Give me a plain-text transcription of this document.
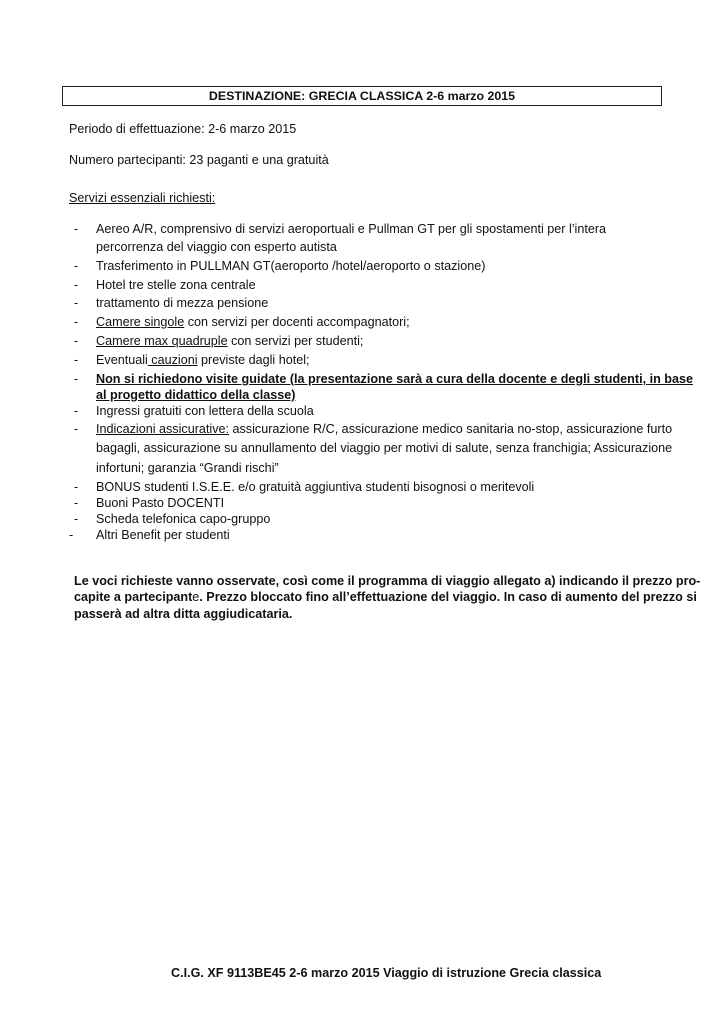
DESTINAZIONE: GRECIA CLASSICA 2-6 marzo 2015
Periodo di effettuazione: 2-6 marzo 2015
Numero partecipanti: 23 paganti e una gratuità
Servizi essenziali richiesti:
- Aereo A/R, comprensivo di servizi aeroportuali e Pullman GT per gli spostamenti per l’intera
percorrenza del viaggio con esperto autista
- Trasferimento in PULLMAN GT(aeroporto /hotel/aeroporto o stazione)
- Hotel tre stelle zona centrale
- trattamento di mezza pensione
- Camere singole con servizi per docenti accompagnatori;
- Camere max quadruple con servizi per studenti;
- Eventuali cauzioni previste dagli hotel;
- Non si richiedono visite guidate (la presentazione sarà a cura della docente e degli studenti, in base
al progetto didattico della classe)
- Ingressi gratuiti con lettera della scuola
- Indicazioni assicurative: assicurazione R/C, assicurazione medico sanitaria no-stop, assicurazione furto
bagagli, assicurazione su annullamento del viaggio per motivi di salute, senza franchigia; Assicurazione
infortuni; garanzia “Grandi rischi”
- BONUS studenti I.S.E.E. e/o gratuità aggiuntiva studenti bisognosi o meritevoli
- Buoni Pasto DOCENTI
- Scheda telefonica capo-gruppo
- Altri Benefit per studenti
Le voci richieste vanno osservate, così come il programma di viaggio allegato a) indicando il prezzo pro-
capite a partecipante. Prezzo bloccato fino all’effettuazione del viaggio. In caso di aumento del prezzo si
passerà ad altra ditta aggiudicataria.
C.I.G. XF 9113BE45 2-6 marzo 2015 Viaggio di istruzione Grecia classica
